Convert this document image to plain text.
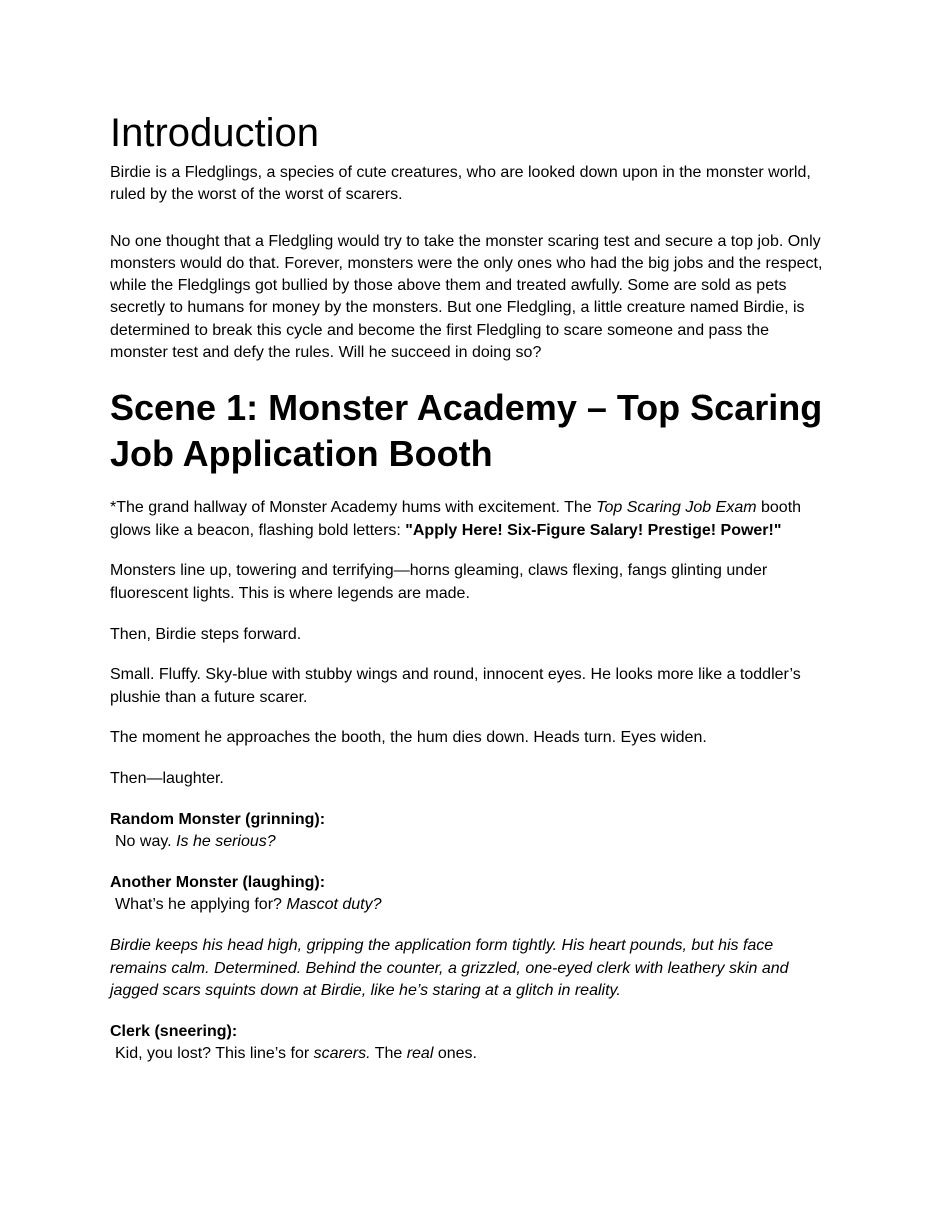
Introduction

Birdie is a Fledglings, a species of cute creatures, who are looked down upon in the monster world, ruled by the worst of the worst of scarers.

No one thought that a Fledgling would try to take the monster scaring test and secure a top job. Only monsters would do that. Forever, monsters were the only ones who had the big jobs and the respect, while the Fledglings got bullied by those above them and treated awfully. Some are sold as pets secretly to humans for money by the monsters. But one Fledgling, a little creature named Birdie, is determined to break this cycle and become the first Fledgling to scare someone and pass the monster test and defy the rules. Will he succeed in doing so?

Scene 1: Monster Academy – Top Scaring Job Application Booth

*The grand hallway of Monster Academy hums with excitement. The Top Scaring Job Exam booth glows like a beacon, flashing bold letters: "Apply Here! Six-Figure Salary! Prestige! Power!"

Monsters line up, towering and terrifying—horns gleaming, claws flexing, fangs glinting under fluorescent lights. This is where legends are made.

Then, Birdie steps forward.

Small. Fluffy. Sky-blue with stubby wings and round, innocent eyes. He looks more like a toddler’s plushie than a future scarer.

The moment he approaches the booth, the hum dies down. Heads turn. Eyes widen.

Then—laughter.

Random Monster (grinning):
No way. Is he serious?

Another Monster (laughing):
What’s he applying for? Mascot duty?

Birdie keeps his head high, gripping the application form tightly. His heart pounds, but his face remains calm. Determined. Behind the counter, a grizzled, one-eyed clerk with leathery skin and jagged scars squints down at Birdie, like he’s staring at a glitch in reality.

Clerk (sneering):
Kid, you lost? This line’s for scarers. The real ones.
